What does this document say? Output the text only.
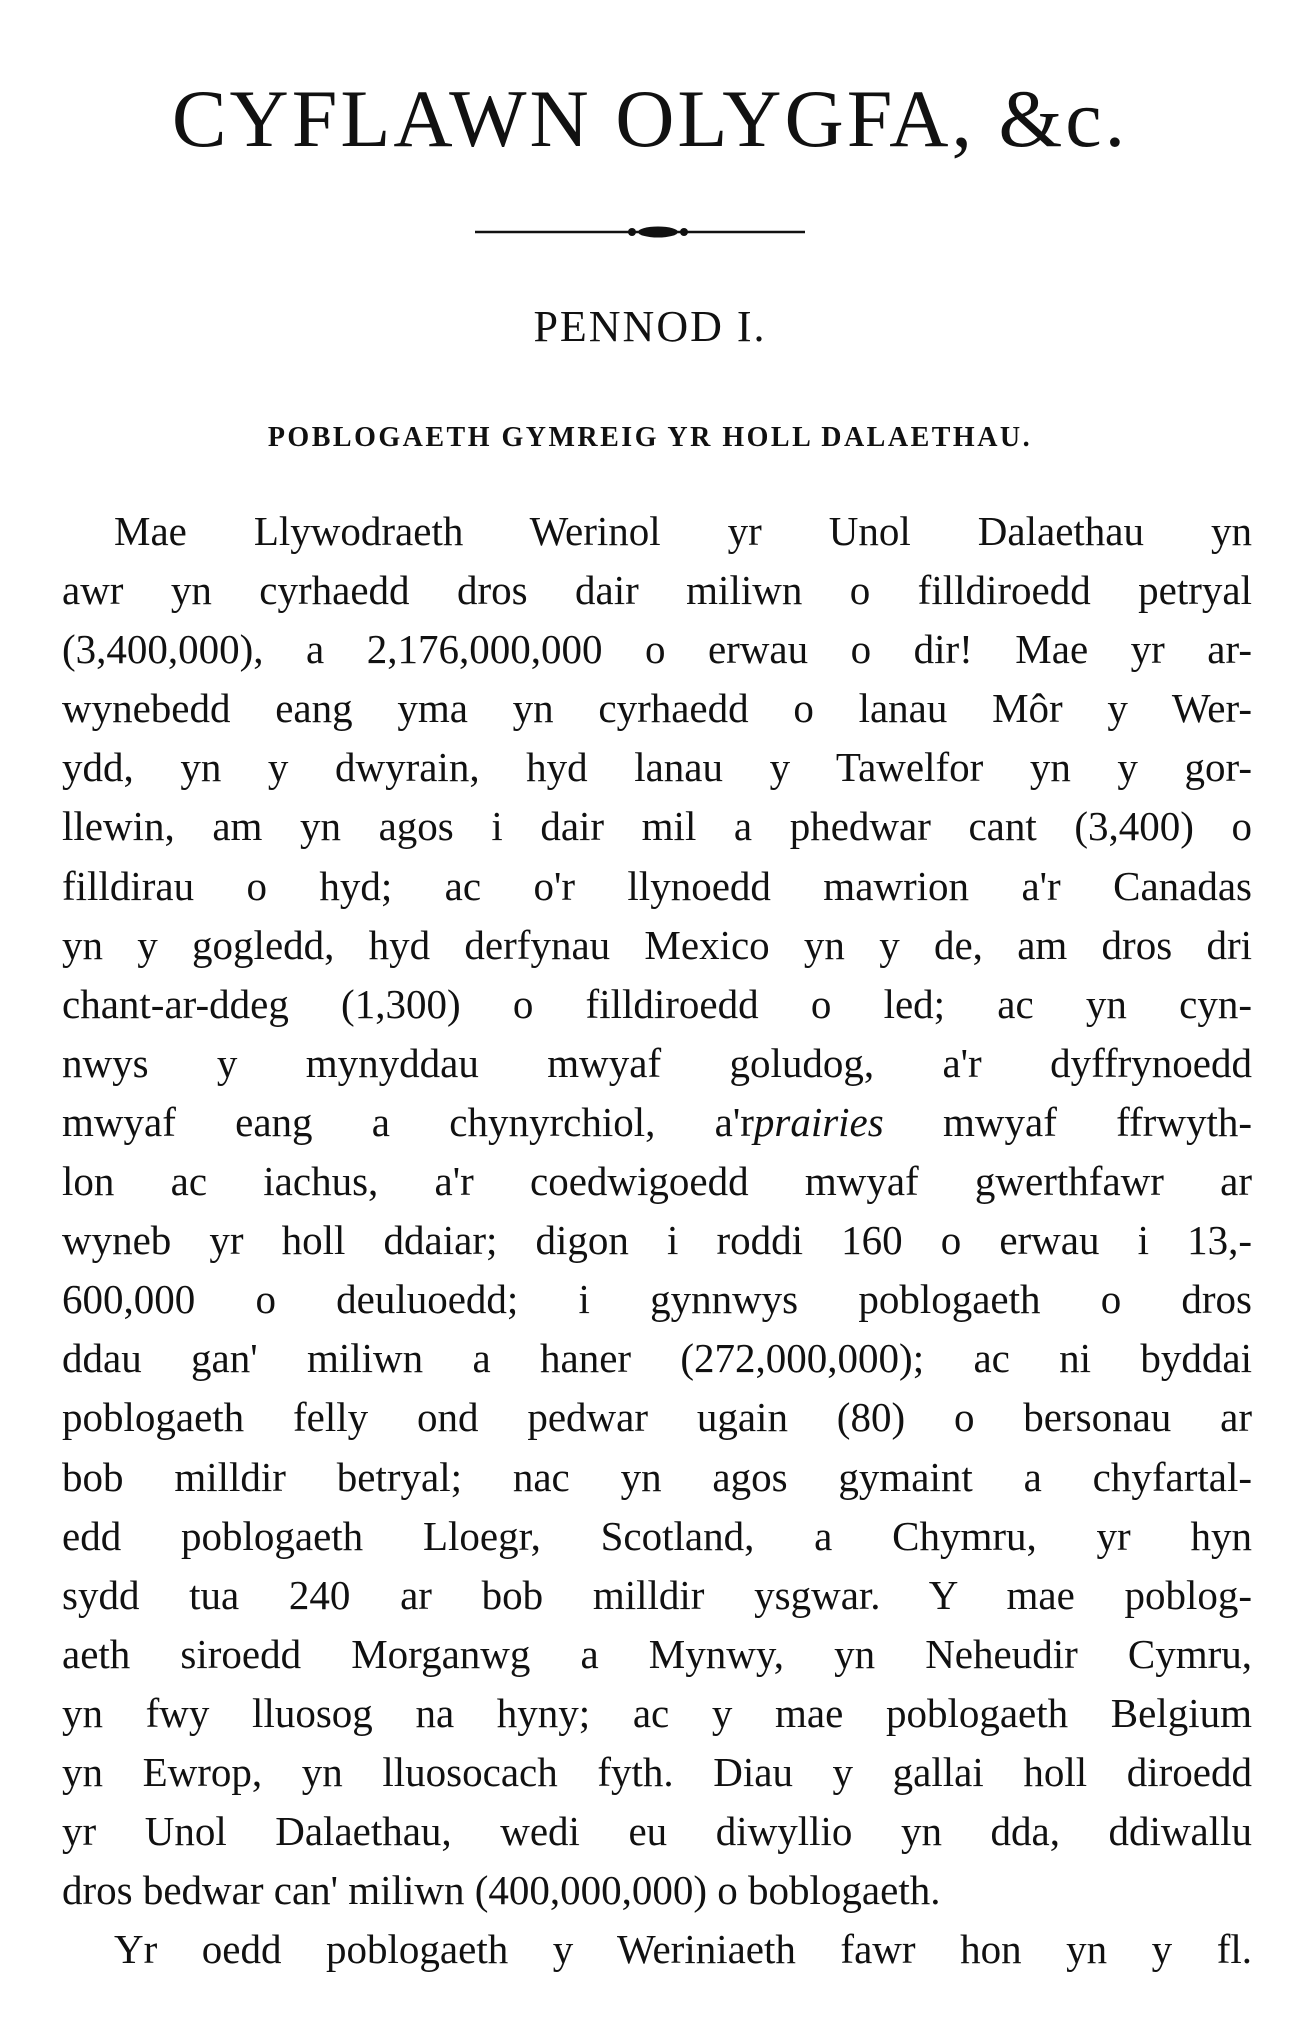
CYFLAWN OLYGFA, &c.
PENNOD I.
POBLOGAETH GYMREIG YR HOLL DALAETHAU.
Mae Llywodraeth Werinol yr Unol Dalaethau yn
awr yn cyrhaedd dros dair miliwn o filldiroedd petryal
(3,400,000), a 2,176,000,000 o erwau o dir! Mae yr ar-
wynebedd eang yma yn cyrhaedd o lanau Môr y Wer-
ydd, yn y dwyrain, hyd lanau y Tawelfor yn y gor-
llewin, am yn agos i dair mil a phedwar cant (3,400) o
filldirau o hyd; ac o'r llynoedd mawrion a'r Canadas
yn y gogledd, hyd derfynau Mexico yn y de, am dros dri
chant-ar-ddeg (1,300) o filldiroedd o led; ac yn cyn-
nwys y mynyddau mwyaf goludog, a'r dyffrynoedd
mwyaf eang a chynyrchiol, a'rprairies mwyaf ffrwyth-
lon ac iachus, a'r coedwigoedd mwyaf gwerthfawr ar
wyneb yr holl ddaiar; digon i roddi 160 o erwau i 13,-
600,000 o deuluoedd; i gynnwys poblogaeth o dros
ddau gan' miliwn a haner (272,000,000); ac ni byddai
poblogaeth felly ond pedwar ugain (80) o bersonau ar
bob milldir betryal; nac yn agos gymaint a chyfartal-
edd poblogaeth Lloegr, Scotland, a Chymru, yr hyn
sydd tua 240 ar bob milldir ysgwar. Y mae poblog-
aeth siroedd Morganwg a Mynwy, yn Neheudir Cymru,
yn fwy lluosog na hyny; ac y mae poblogaeth Belgium
yn Ewrop, yn lluosocach fyth. Diau y gallai holl diroedd
yr Unol Dalaethau, wedi eu diwyllio yn dda, ddiwallu
dros bedwar can' miliwn (400,000,000) o boblogaeth.
Yr oedd poblogaeth y Weriniaeth fawr hon yn y fl.
